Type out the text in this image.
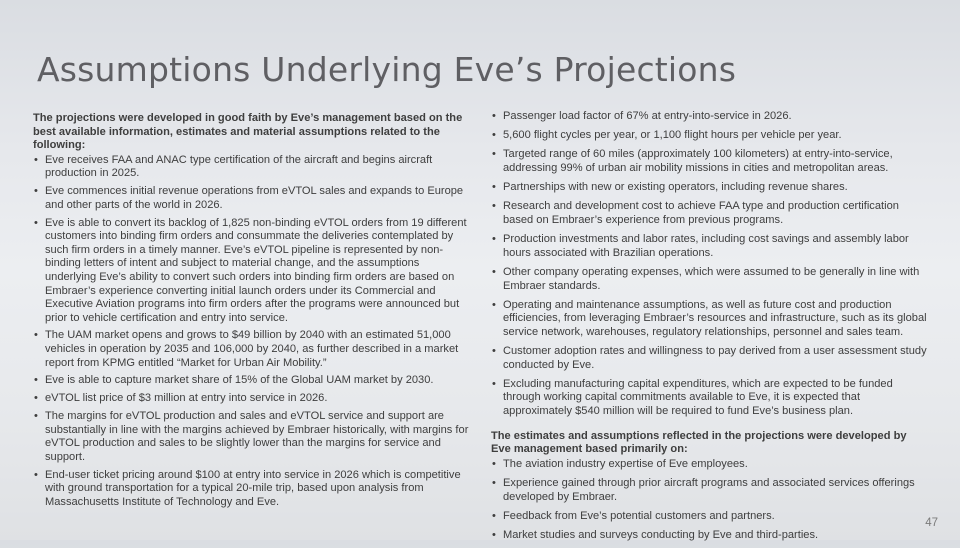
Assumptions Underlying Eve’s Projections

The projections were developed in good faith by Eve’s management based on the best available information, estimates and material assumptions related to the following:

• Eve receives FAA and ANAC type certification of the aircraft and begins aircraft production in 2025.
• Eve commences initial revenue operations from eVTOL sales and expands to Europe and other parts of the world in 2026.
• Eve is able to convert its backlog of 1,825 non-binding eVTOL orders from 19 different customers into binding firm orders and consummate the deliveries contemplated by such firm orders in a timely manner. Eve’s eVTOL pipeline is represented by non-binding letters of intent and subject to material change, and the assumptions underlying Eve’s ability to convert such orders into binding firm orders are based on Embraer’s experience converting initial launch orders under its Commercial and Executive Aviation programs into firm orders after the programs were announced but prior to vehicle certification and entry into service.
• The UAM market opens and grows to $49 billion by 2040 with an estimated 51,000 vehicles in operation by 2035 and 106,000 by 2040, as further described in a market report from KPMG entitled “Market for Urban Air Mobility.”
• Eve is able to capture market share of 15% of the Global UAM market by 2030.
• eVTOL list price of $3 million at entry into service in 2026.
• The margins for eVTOL production and sales and eVTOL service and support are substantially in line with the margins achieved by Embraer historically, with margins for eVTOL production and sales to be slightly lower than the margins for service and support.
• End-user ticket pricing around $100 at entry into service in 2026 which is competitive with ground transportation for a typical 20-mile trip, based upon analysis from Massachusetts Institute of Technology and Eve.
• Passenger load factor of 67% at entry-into-service in 2026.
• 5,600 flight cycles per year, or 1,100 flight hours per vehicle per year.
• Targeted range of 60 miles (approximately 100 kilometers) at entry-into-service, addressing 99% of urban air mobility missions in cities and metropolitan areas.
• Partnerships with new or existing operators, including revenue shares.
• Research and development cost to achieve FAA type and production certification based on Embraer’s experience from previous programs.
• Production investments and labor rates, including cost savings and assembly labor hours associated with Brazilian operations.
• Other company operating expenses, which were assumed to be generally in line with Embraer standards.
• Operating and maintenance assumptions, as well as future cost and production efficiencies, from leveraging Embraer’s resources and infrastructure, such as its global service network, warehouses, regulatory relationships, personnel and sales team.
• Customer adoption rates and willingness to pay derived from a user assessment study conducted by Eve.
• Excluding manufacturing capital expenditures, which are expected to be funded through working capital commitments available to Eve, it is expected that approximately $540 million will be required to fund Eve’s business plan.

The estimates and assumptions reflected in the projections were developed by Eve management based primarily on:

• The aviation industry expertise of Eve employees.
• Experience gained through prior aircraft programs and associated services offerings developed by Embraer.
• Feedback from Eve’s potential customers and partners.
• Market studies and surveys conducting by Eve and third-parties.
47
